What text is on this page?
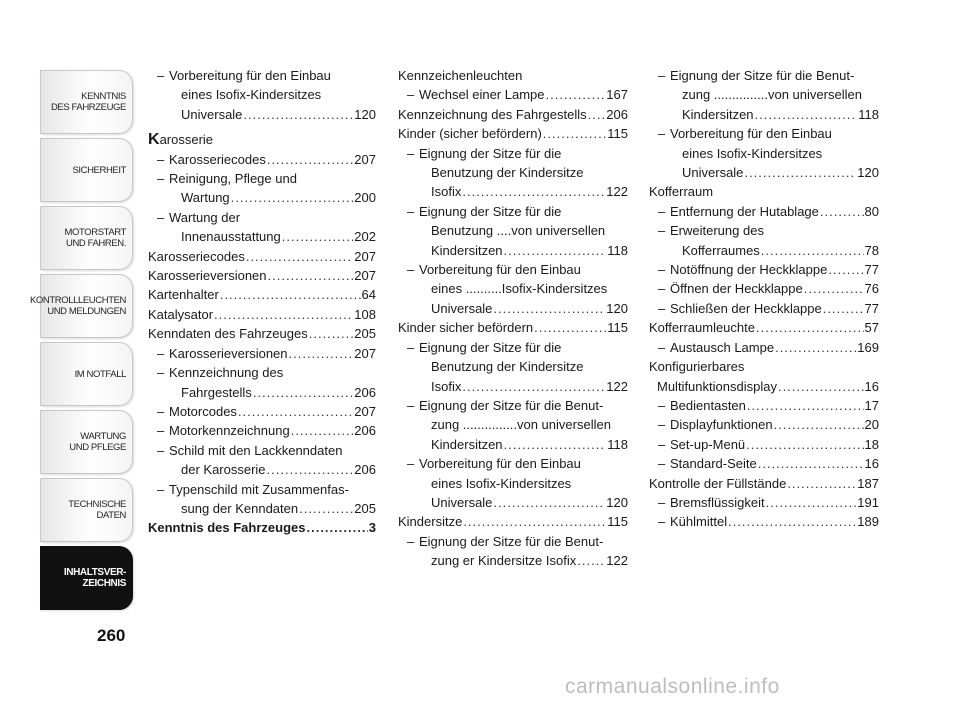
KENNTNIS
DES FAHRZEUGE
SICHERHEIT
MOTORSTART
UND FAHREN.
KONTROLLLEUCHTEN
UND MELDUNGEN
IM NOTFALL
WARTUNG
UND PFLEGE
TECHNISCHE
DATEN
INHALTSVER-
ZEICHNIS
260
– Vorbereitung für den Einbau
eines Isofix-Kindersitzes
Universale .....	120
Karosserie
– Karosseriecodes .....	207
– Reinigung, Pflege und
Wartung .....	200
– Wartung der
Innenausstattung .....	202
Karosseriecodes .....	207
Karosserieversionen .....	207
Kartenhalter .....	64
Katalysator .....	108
Kenndaten des Fahrzeuges .....	205
– Karosserieversionen .....	207
– Kennzeichnung des
Fahrgestells .....	206
– Motorcodes .....	207
– Motorkennzeichnung .....	206
– Schild mit den Lackkenndaten
der Karosserie .....	206
– Typenschild mit Zusammenfas-
sung der Kenndaten .....	205
Kenntnis des Fahrzeuges .....	3
Kennzeichenleuchten
– Wechsel einer Lampe .....	167
Kennzeichnung des Fahrgestells ..... 206
Kinder (sicher befördern) .....	115
– Eignung der Sitze für die
Benutzung der Kindersitze
Isofix .....	122
– Eignung der Sitze für die
Benutzung ....von universellen
Kindersitzen .....	118
– Vorbereitung für den Einbau
eines ..........Isofix-Kindersitzes
Universale .....	120
Kinder sicher befördern .....	115
– Eignung der Sitze für die
Benutzung der Kindersitze
Isofix .....	122
– Eignung der Sitze für die Benut-
zung ...............von universellen
Kindersitzen .....	118
– Vorbereitung für den Einbau
eines Isofix-Kindersitzes
Universale .....	120
Kindersitze .....	115
– Eignung der Sitze für die Benut-
zung er Kindersitze Isofix ..... 122
– Eignung der Sitze für die Benut-
zung ...............von universellen
Kindersitzen .....	118
– Vorbereitung für den Einbau
eines Isofix-Kindersitzes
Universale .....	120
Kofferraum
– Entfernung der Hutablage .....	80
– Erweiterung des
Kofferraumes .....	78
– Notöffnung der Heckklappe .....	77
– Öffnen der Heckklappe .....	76
– Schließen der Heckklappe .....	77
Kofferraumleuchte .....	57
– Austausch Lampe .....	169
Konfigurierbares
Multifunktionsdisplay .....	16
– Bedientasten .....	17
– Displayfunktionen .....	20
– Set-up-Menü .....	18
– Standard-Seite .....	16
Kontrolle der Füllstände .....	187
– Bremsflüssigkeit .....	191
– Kühlmittel .....	189
carmanualsonline.info
